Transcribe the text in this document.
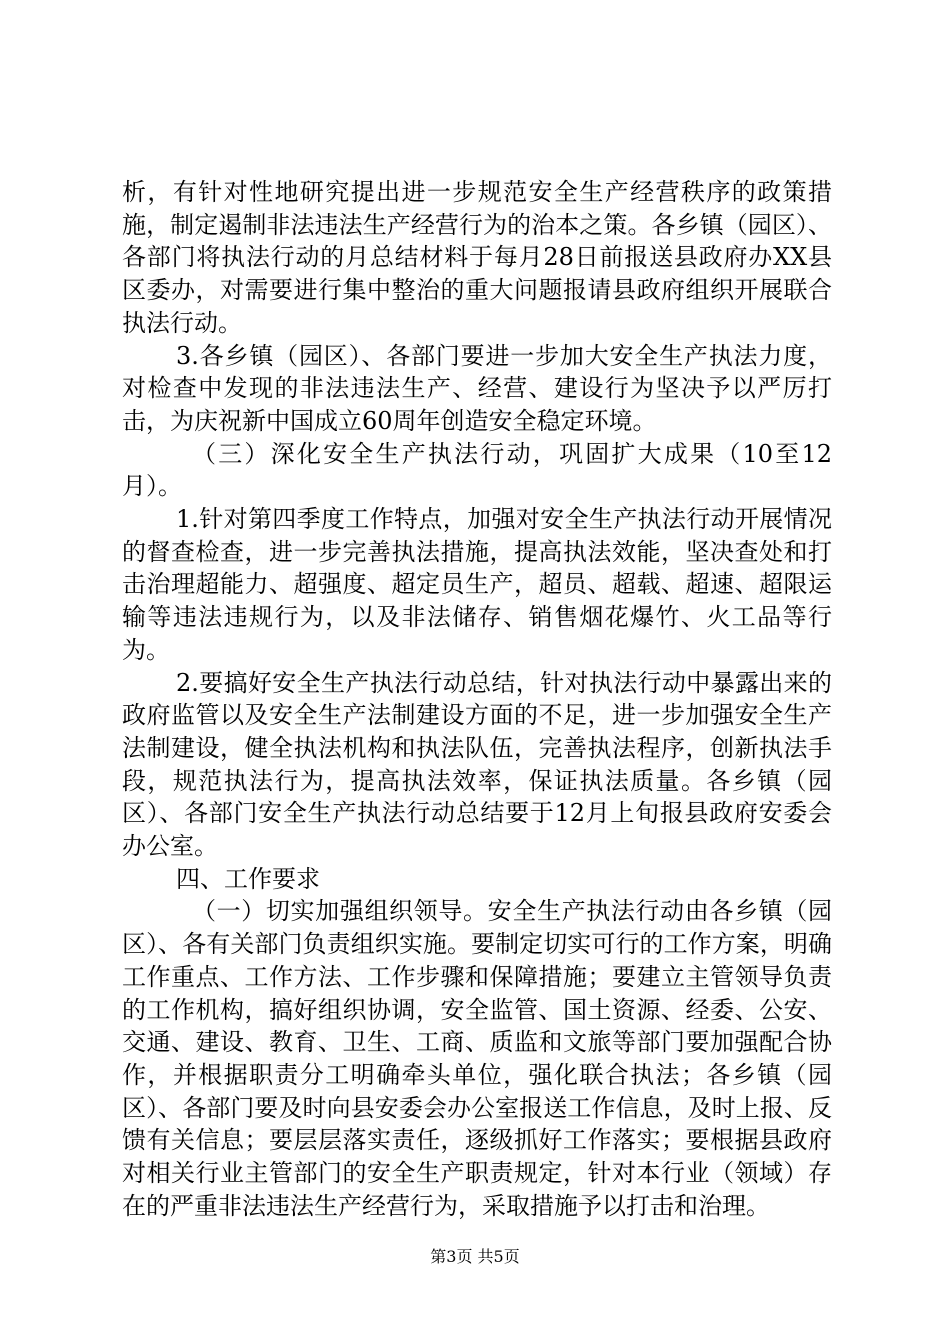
析，有针对性地研究提出进一步规范安全生产经营秩序的政策措施，制定遏制非法违法生产经营行为的治本之策。各乡镇（园区）、各部门将执法行动的月总结材料于每月28日前报送县政府办XX县区委办，对需要进行集中整治的重大问题报请县政府组织开展联合执法行动。

3.各乡镇（园区）、各部门要进一步加大安全生产执法力度，对检查中发现的非法违法生产、经营、建设行为坚决予以严厉打击，为庆祝新中国成立60周年创造安全稳定环境。

（三）深化安全生产执法行动，巩固扩大成果（10至12月）。

1.针对第四季度工作特点，加强对安全生产执法行动开展情况的督查检查，进一步完善执法措施，提高执法效能，坚决查处和打击治理超能力、超强度、超定员生产，超员、超载、超速、超限运输等违法违规行为，以及非法储存、销售烟花爆竹、火工品等行为。

2.要搞好安全生产执法行动总结，针对执法行动中暴露出来的政府监管以及安全生产法制建设方面的不足，进一步加强安全生产法制建设，健全执法机构和执法队伍，完善执法程序，创新执法手段，规范执法行为，提高执法效率，保证执法质量。各乡镇（园区）、各部门安全生产执法行动总结要于12月上旬报县政府安委会办公室。

四、工作要求

（一）切实加强组织领导。安全生产执法行动由各乡镇（园区）、各有关部门负责组织实施。要制定切实可行的工作方案，明确工作重点、工作方法、工作步骤和保障措施；要建立主管领导负责的工作机构，搞好组织协调，安全监管、国土资源、经委、公安、交通、建设、教育、卫生、工商、质监和文旅等部门要加强配合协作，并根据职责分工明确牵头单位，强化联合执法；各乡镇（园区）、各部门要及时向县安委会办公室报送工作信息，及时上报、反馈有关信息；要层层落实责任，逐级抓好工作落实；要根据县政府对相关行业主管部门的安全生产职责规定，针对本行业（领域）存在的严重非法违法生产经营行为，采取措施予以打击和治理。

第3页 共5页
